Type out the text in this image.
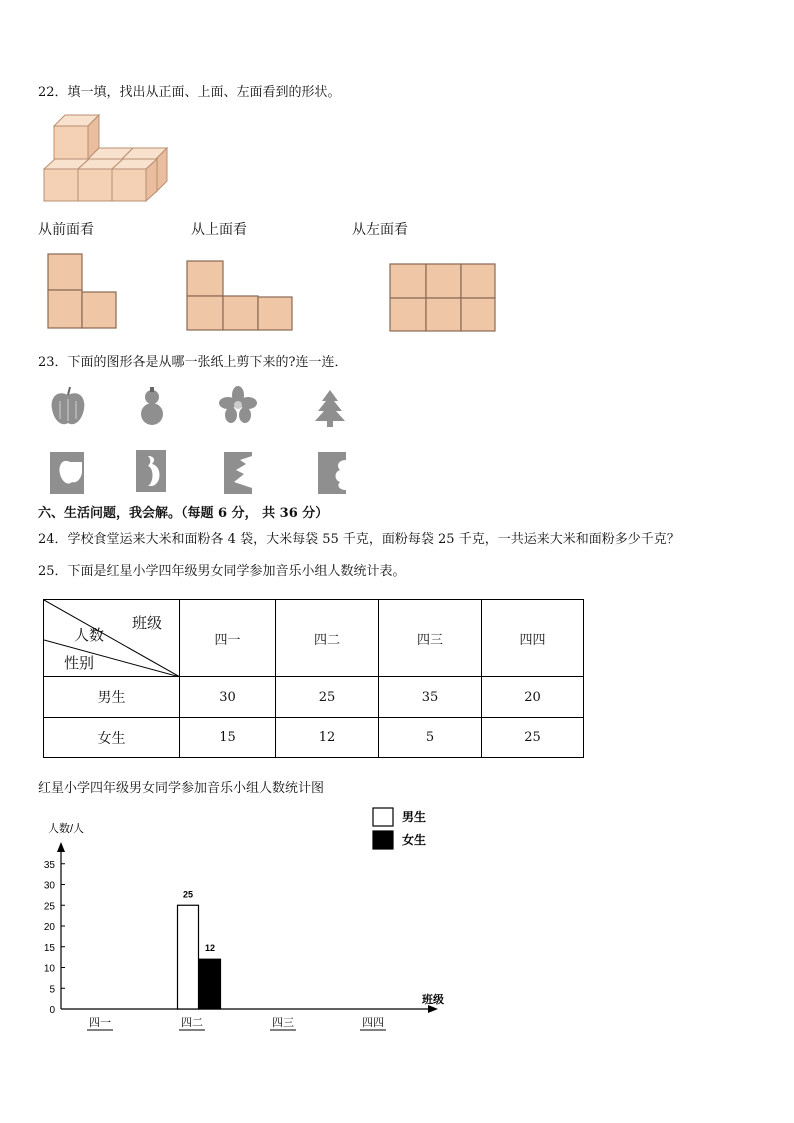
22．填一填，找出从正面、上面、左面看到的形状。
从前面看	从上面看	从左面看
23．下面的图形各是从哪一张纸上剪下来的?连一连．
六、生活问题，我会解。（每题 6 分， 共 36 分）
24．学校食堂运来大米和面粉各 4 袋，大米每袋 55 千克，面粉每袋 25 千克，一共运来大米和面粉多少千克？
25．下面是红星小学四年级男女同学参加音乐小组人数统计表。
班级
人数
性别	四一	四二	四三	四四
男生	30	25	35	20
女生	15	12	5	25
红星小学四年级男女同学参加音乐小组人数统计图
人数/人
班级
0
5
10
15
20
25
30
35
四一	四二	四三	四四
25
12
男生
女生
